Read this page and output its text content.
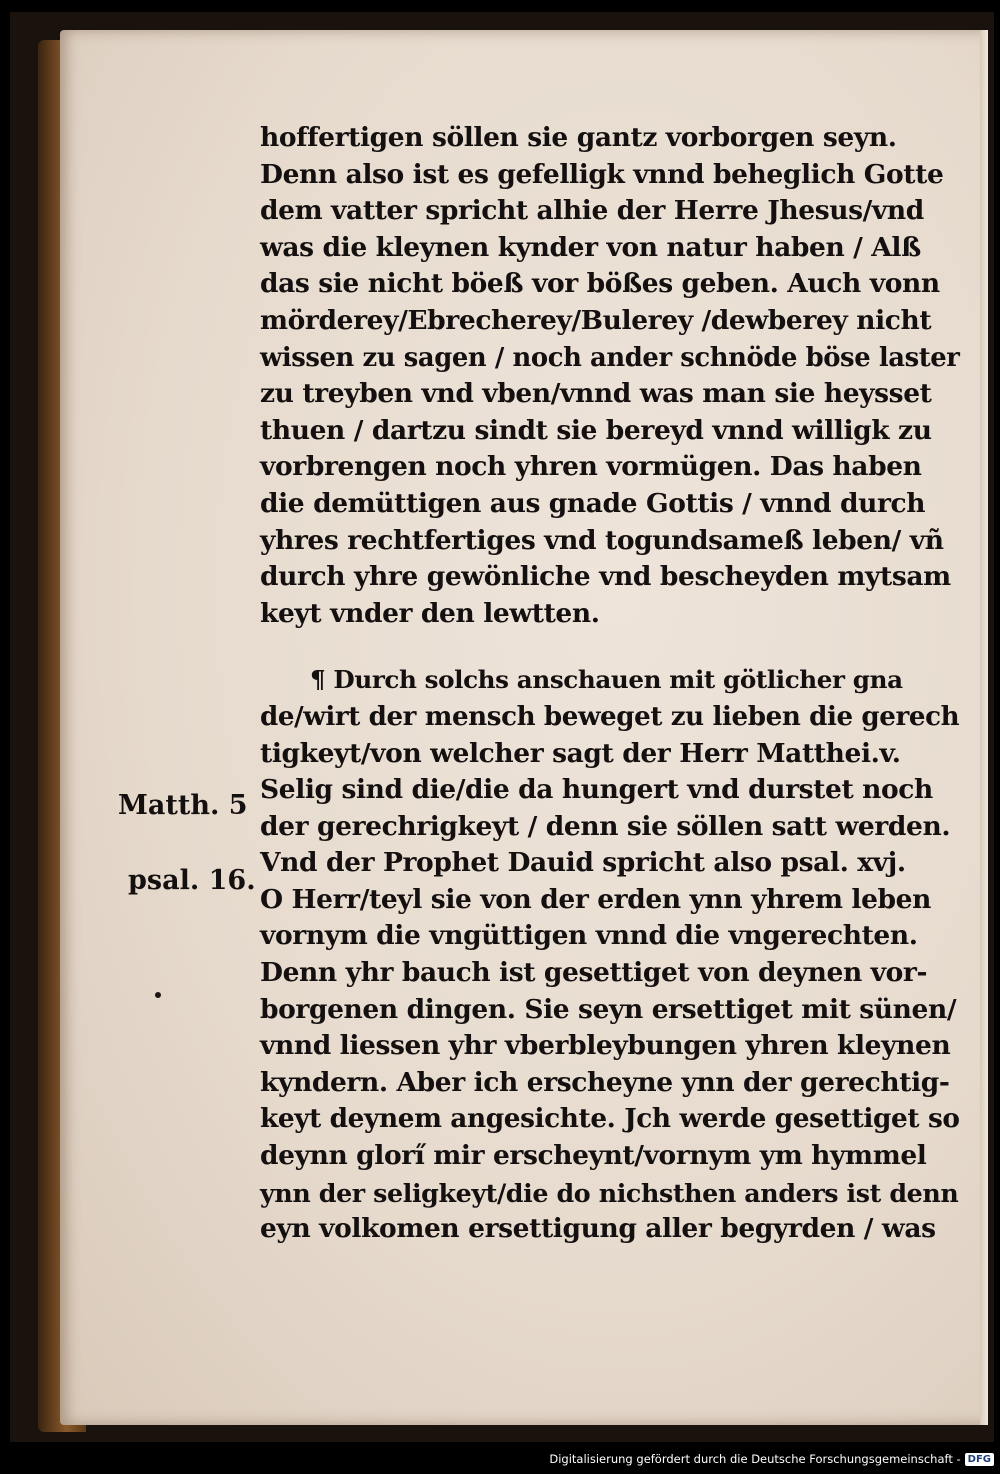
hoffertigen söllen sie gantz vorborgen seyn.
Denn also ist es gefelligk vnnd beheglich Gotte
dem vatter spricht alhie der Herre Jhesus/vnd
was die kleynen kynder von natur haben / Alß
das sie nicht böeß vor bößes geben. Auch vonn
mörderey/Ebrecherey/Bulerey /dewberey nicht
wissen zu sagen / noch ander schnöde böse laster
zu treyben vnd vben/vnnd was man sie heysset
thuen / dartzu sindt sie bereyd vnnd willigk zu
vorbrengen noch yhren vormügen. Das haben
die demüttigen aus gnade Gottis / vnnd durch
yhres rechtfertiges vnd togundsameß leben/ vñ
durch yhre gewönliche vnd bescheyden mytsam
keyt vnder den lewtten.
¶ Durch solchs anschauen mit götlicher gna
de/wirt der mensch beweget zu lieben die gerech
tigkeyt/von welcher sagt der Herr Matthei.v.
Selig sind die/die da hungert vnd durstet noch
der gerechrigkeyt / denn sie söllen satt werden.
Vnd der Prophet Dauid spricht also psal. xvj.
O Herr/teyl sie von der erden ynn yhrem leben
vornym die vngüttigen vnnd die vngerechten.
Denn yhr bauch ist gesettiget von deynen vor-
borgenen dingen. Sie seyn ersettiget mit sünen/
vnnd liessen yhr vberbleybungen yhren kleynen
kyndern. Aber ich erscheyne ynn der gerechtig-
keyt deynem angesichte. Jch werde gesettiget so
deynn glori̋ mir erscheynt/vornym ym hymmel
ynn der seligkeyt/die do nichsthen anders ist denn
eyn volkomen ersettigung aller begyrden / was
Matth. 5
psal. 16.
Digitalisierung gefördert durch die Deutsche Forschungsgemeinschaft - DFG
